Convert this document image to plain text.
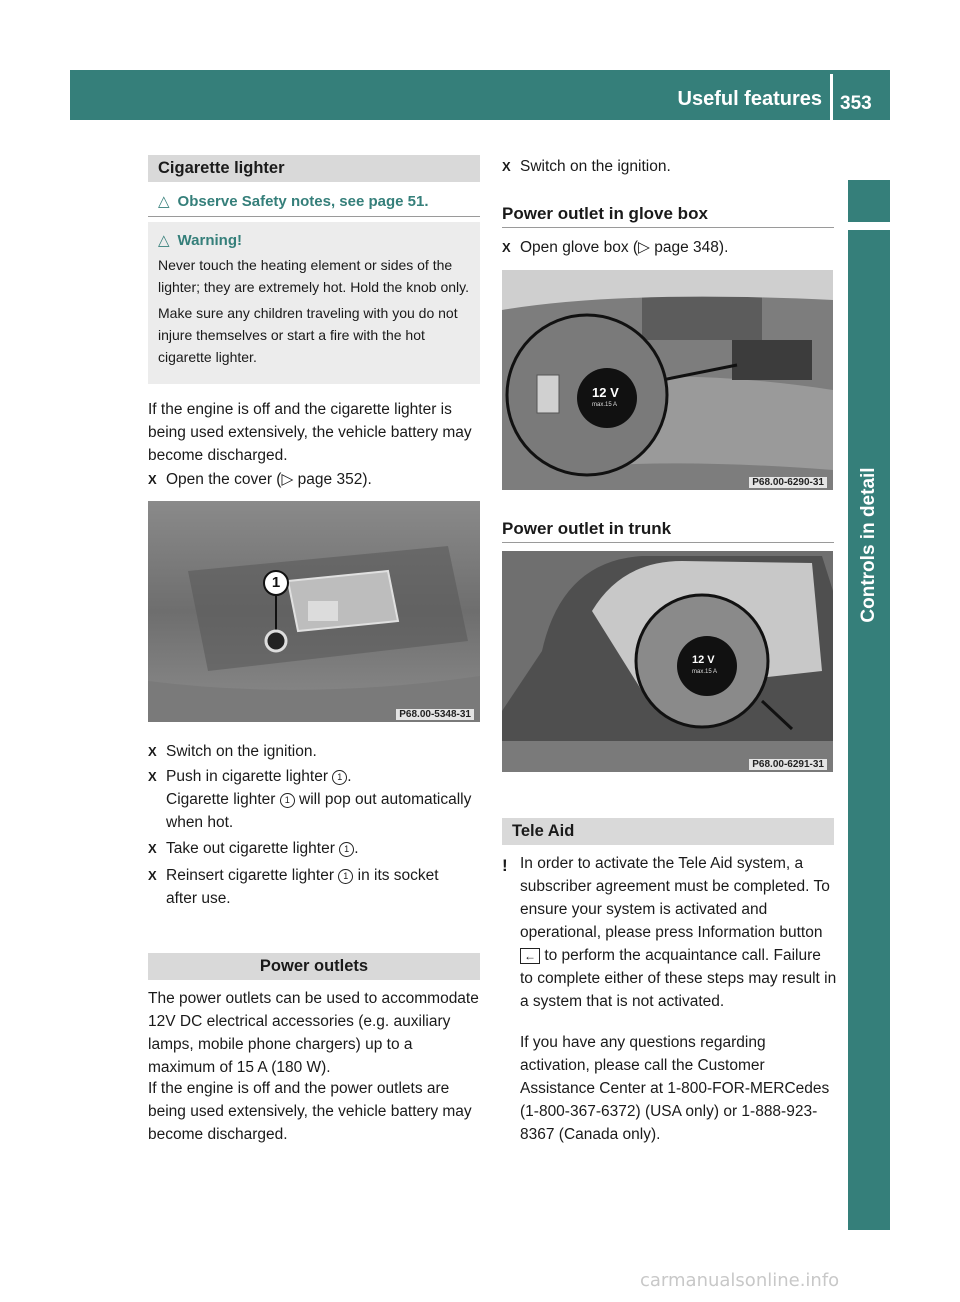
Useful features 353
Controls in detail
Cigarette lighter
△ Observe Safety notes, see page 51.
△ Warning!

Never touch the heating element or sides of the lighter; they are extremely hot. Hold the knob only.

Make sure any children traveling with you do not injure themselves or start a fire with the hot cigarette lighter.

If the engine is off and the cigarette lighter is being used extensively, the vehicle battery may become discharged.
X Open the cover (▷ page 352).
1
P68.00-5348-31
X Switch on the ignition.
X Push in cigarette lighter 1 .
Cigarette lighter 1 will pop out automatically when hot.
X Take out cigarette lighter 1 .
X Reinsert cigarette lighter 1 in its socket after use.
Power outlets
The power outlets can be used to accommodate 12V DC electrical accessories (e.g. auxiliary lamps, mobile phone chargers) up to a maximum of 15 A (180 W).
If the engine is off and the power outlets are being used extensively, the vehicle battery may become discharged.
X Switch on the ignition.
Power outlet in glove box
X Open glove box (▷ page 348).
12 V
max.15 A
P68.00-6290-31
Power outlet in trunk
12 V
max.15 A
P68.00-6291-31
Tele Aid
! In order to activate the Tele Aid system, a subscriber agreement must be completed. To ensure your system is activated and operational, please press Information button ← to perform the acquaintance call. Failure to complete either of these steps may result in a system that is not activated.
If you have any questions regarding activation, please call the Customer Assistance Center at 1-800-FOR-MERCedes (1-800-367-6372) (USA only) or 1-888-923-8367 (Canada only).
carmanualsonline.info
